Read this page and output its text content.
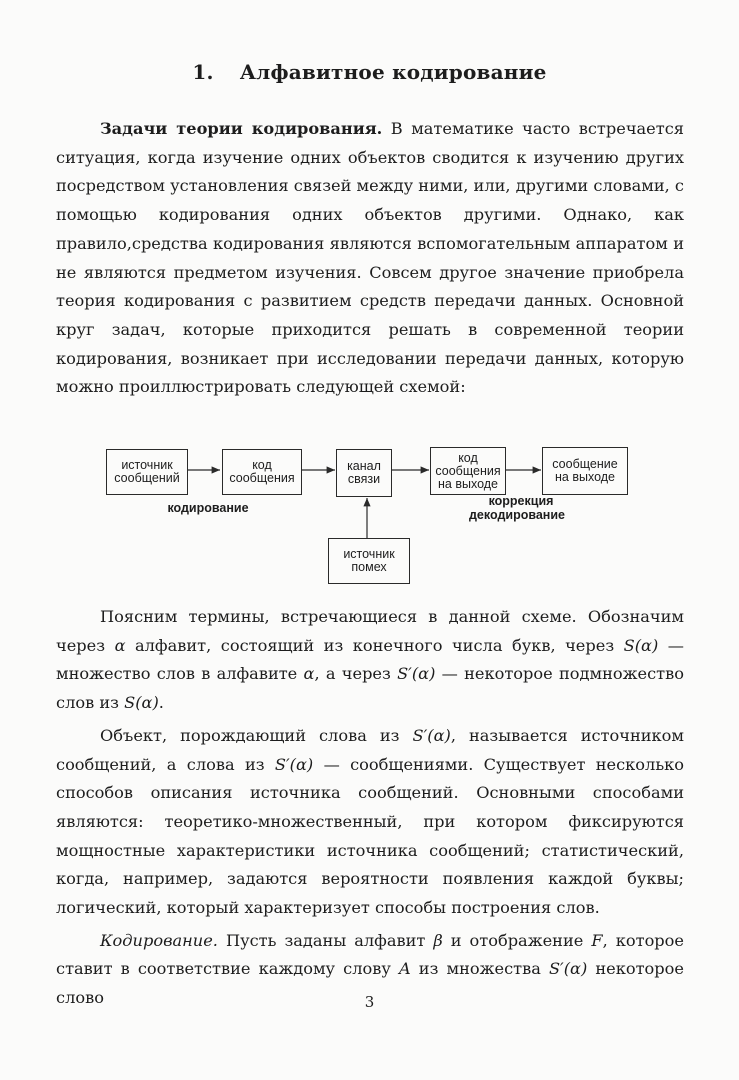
1. Алфавитное кодирование

Задачи теории кодирования. В математике часто встречается ситуация, когда изучение одних объектов сводится к изучению других посредством установления связей между ними, или, другими словами, с помощью кодирования одних объектов другими. Однако, как правило,средства кодирования являются вспомогательным аппаратом и не являются предметом изучения. Совсем другое значение приобрела теория кодирования с развитием средств передачи данных. Основной круг задач, которые приходится решать в современной теории кодирования, возникает при исследовании передачи данных, которую можно проиллюстрировать следующей схемой:

источник
сообщений
код
сообщения
канал
связи
код
сообщения
на выходе
сообщение
на выходе
источник
помех
кодирование	коррекция
декодирование

Поясним термины, встречающиеся в данной схеме. Обозначим через α алфавит, состоящий из конечного числа букв, через S(α) — множество слов в алфавите α, а через S′(α) — некоторое подмножество слов из S(α).

Объект, порождающий слова из S′(α), называется источником сообщений, а слова из S′(α) — сообщениями. Существует несколько способов описания источника сообщений. Основными способами являются: теоретико-множественный, при котором фиксируются мощностные характеристики источника сообщений; статистический, когда, например, задаются вероятности появления каждой буквы; логический, который характеризует способы построения слов.

Кодирование. Пусть заданы алфавит β и отображение F, которое ставит в соответствие каждому слову A из множества S′(α) некоторое слово	3
